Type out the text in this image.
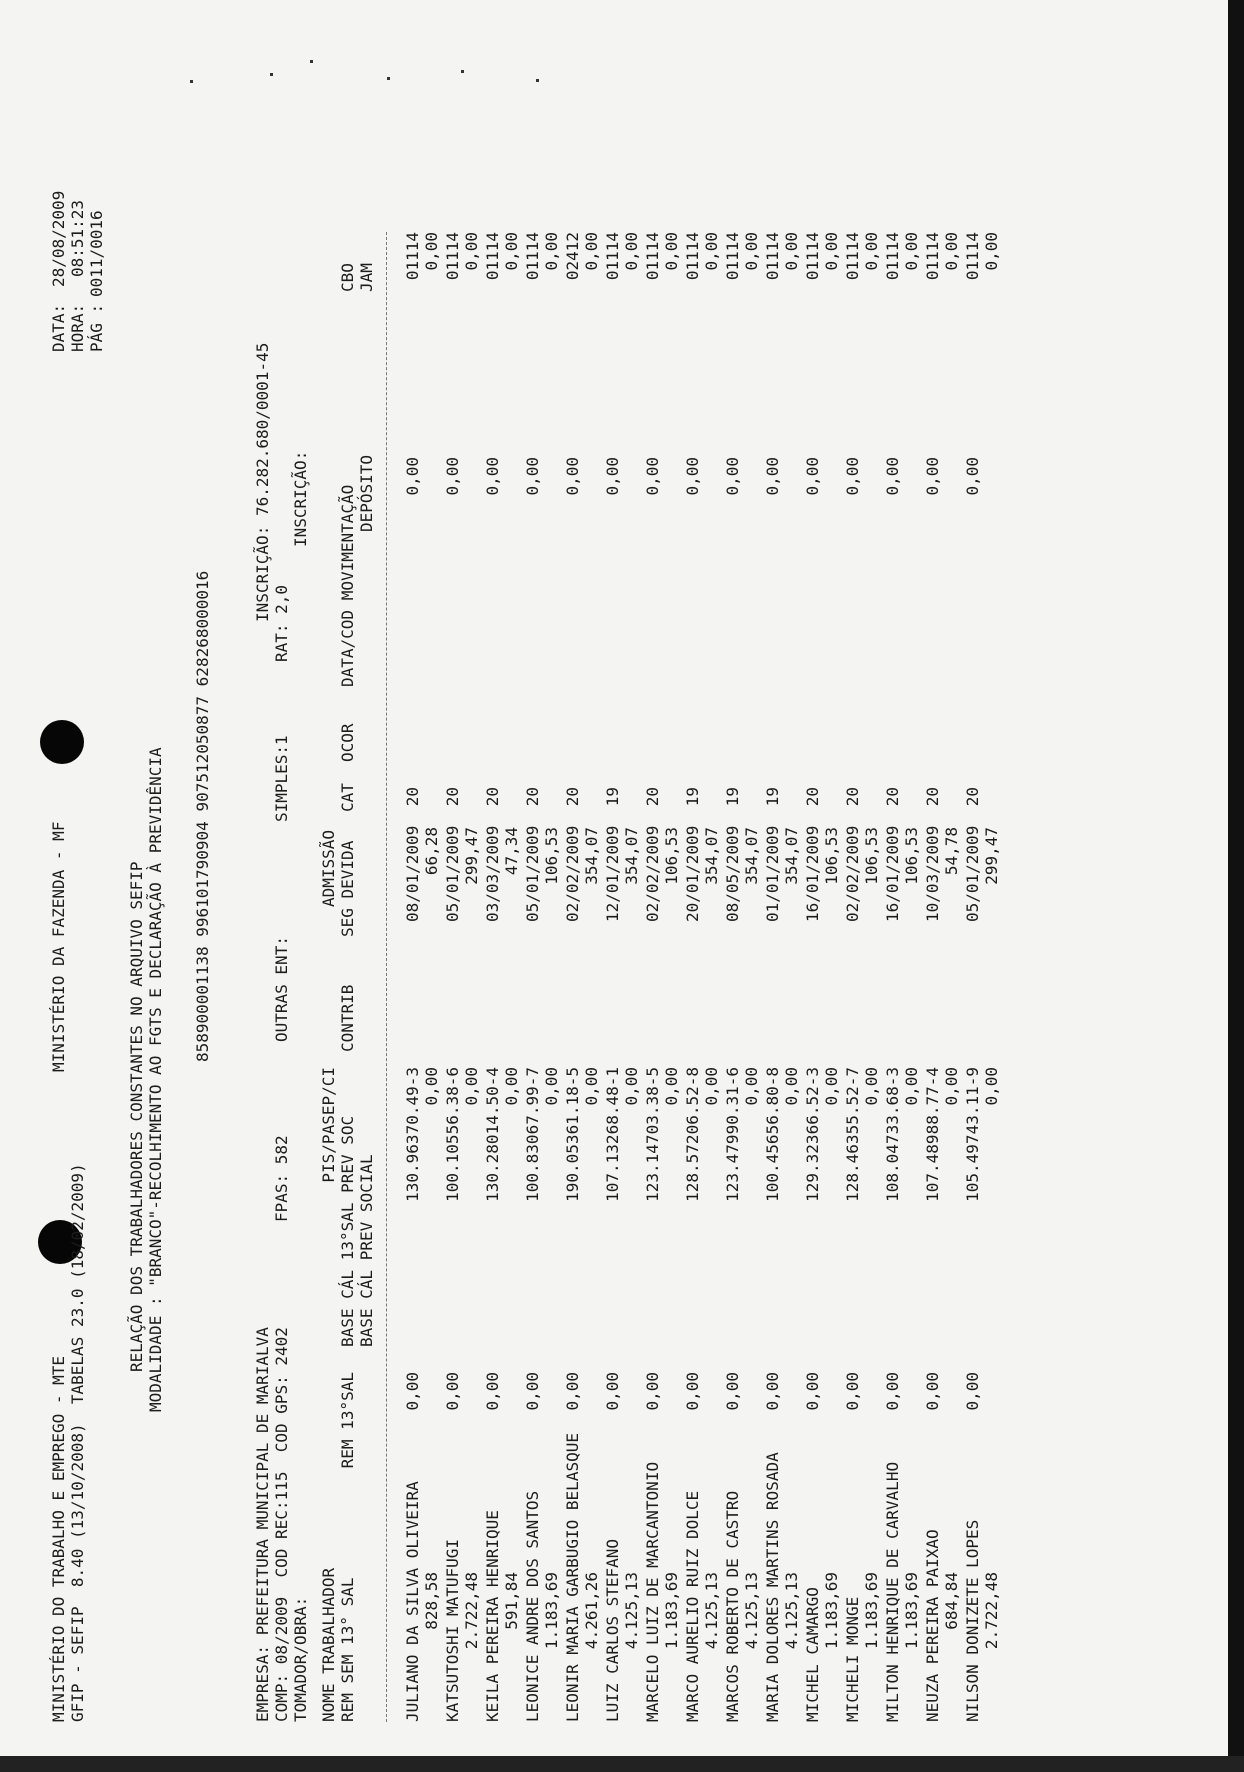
MINISTÉRIO DO TRABALHO E EMPREGO - MTE
MINISTÉRIO DA FAZENDA - MF
DATA:
28/08/2009
GFIP - SEFIP  8.40 (13/10/2008)  TABELAS 23.0 (18/02/2009)
HORA:
08:51:23
PÁG :
0011/0016
RELAÇÃO DOS TRABALHADORES CONSTANTES NO ARQUIVO SEFIP MODALIDADE : "BRANCO"-RECOLHIMENTO AO FGTS E DECLARAÇÃO À PREVIDÊNCIA 858900001138 996101790904 907512050877 628268000016
EMPRESA: PREFEITURA MUNICIPAL DE MARIALVA
INSCRIÇÃO: 76.282.680/0001-45
COMP: 08/2009  COD REC:115  COD GPS: 2402
FPAS: 582
OUTRAS ENT:
SIMPLES:1
RAT: 2,0
TOMADOR/OBRA:
INSCRIÇÃO:
NOME TRABALHADOR REM SEM 13° SAL
REM 13°SAL
PIS/PASEP/CI BASE CÁL 13°SAL PREV SOC BASE CÁL PREV SOCIAL
CONTRIB
ADMISSÃO SEG DEVIDA
CAT
OCOR
DATA/COD MOVIMENTAÇÃO DEPÓSITO
CBO JAM
JULIANO DA SILVA OLIVEIRA 828,58
0,00
130.96370.49-3 0,00
08/01/2009 66,28
20
0,00
01114 0,00
KATSUTOSHI MATUFUGI 2.722,48
0,00
100.10556.38-6 0,00
05/01/2009 299,47
20
0,00
01114 0,00
KEILA PEREIRA HENRIQUE 591,84
0,00
130.28014.50-4 0,00
03/03/2009 47,34
20
0,00
01114 0,00
LEONICE ANDRE DOS SANTOS 1.183,69
0,00
100.83067.99-7 0,00
05/01/2009 106,53
20
0,00
01114 0,00
LEONIR MARIA GARBUGIO BELASQUE 4.261,26
0,00
190.05361.18-5 0,00
02/02/2009 354,07
20
0,00
02412 0,00
LUIZ CARLOS STEFANO 4.125,13
0,00
107.13268.48-1 0,00
12/01/2009 354,07
19
0,00
01114 0,00
MARCELO LUIZ DE MARCANTONIO 1.183,69
0,00
123.14703.38-5 0,00
02/02/2009 106,53
20
0,00
01114 0,00
MARCO AURELIO RUIZ DOLCE 4.125,13
0,00
128.57206.52-8 0,00
20/01/2009 354,07
19
0,00
01114 0,00
MARCOS ROBERTO DE CASTRO 4.125,13
0,00
123.47990.31-6 0,00
08/05/2009 354,07
19
0,00
01114 0,00
MARIA DOLORES MARTINS ROSADA 4.125,13
0,00
100.45656.80-8 0,00
01/01/2009 354,07
19
0,00
01114 0,00
MICHEL CAMARGO 1.183,69
0,00
129.32366.52-3 0,00
16/01/2009 106,53
20
0,00
01114 0,00
MICHELI MONGE 1.183,69
0,00
128.46355.52-7 0,00
02/02/2009 106,53
20
0,00
01114 0,00
MILTON HENRIQUE DE CARVALHO 1.183,69
0,00
108.04733.68-3 0,00
16/01/2009 106,53
20
0,00
01114 0,00
NEUZA PEREIRA PAIXAO 684,84
0,00
107.48988.77-4 0,00
10/03/2009 54,78
20
0,00
01114 0,00
NILSON DONIZETE LOPES 2.722,48
0,00
105.49743.11-9 0,00
05/01/2009 299,47
20
0,00
01114 0,00
